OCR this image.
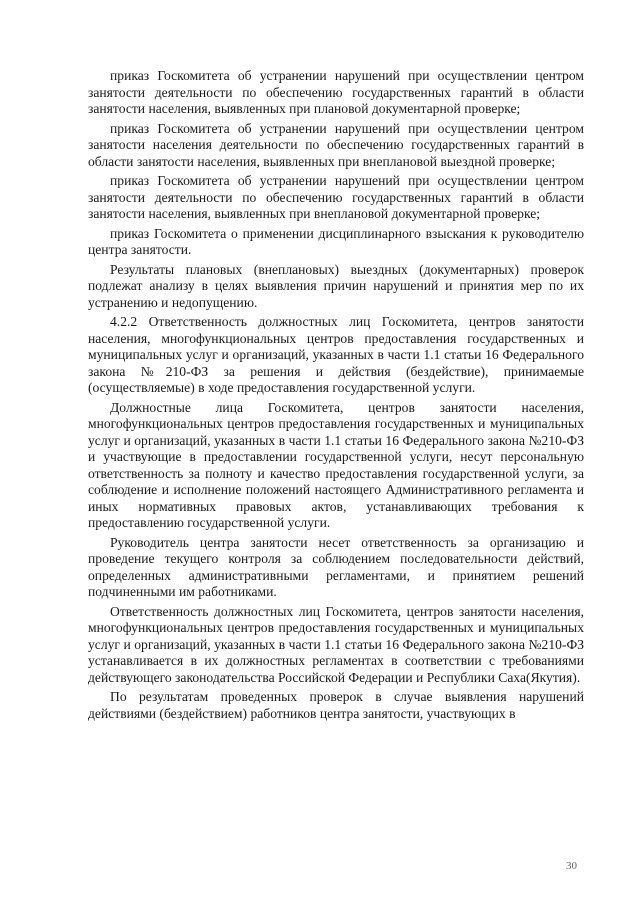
приказ Госкомитета об устранении нарушений при осуществлении центром занятости деятельности по обеспечению государственных гарантий в области занятости населения, выявленных при плановой документарной проверке;

приказ Госкомитета об устранении нарушений при осуществлении центром занятости населения деятельности по обеспечению государственных гарантий в области занятости населения, выявленных при внеплановой выездной проверке;

приказ Госкомитета об устранении нарушений при осуществлении центром занятости деятельности по обеспечению государственных гарантий в области занятости населения, выявленных при внеплановой документарной проверке;

приказ Госкомитета о применении дисциплинарного взыскания к руководителю центра занятости.

Результаты плановых (внеплановых) выездных (документарных) проверок подлежат анализу в целях выявления причин нарушений и принятия мер по их устранению и недопущению.

4.2.2 Ответственность должностных лиц Госкомитета, центров занятости населения, многофункциональных центров предоставления государственных и муниципальных услуг и организаций, указанных в части 1.1 статьи 16 Федерального закона №210-ФЗ за решения и действия (бездействие), принимаемые (осуществляемые) в ходе предоставления государственной услуги.

Должностные лица Госкомитета, центров занятости населения, многофункциональных центров предоставления государственных и муниципальных услуг и организаций, указанных в части 1.1 статьи 16 Федерального закона №210-ФЗ и участвующие в предоставлении государственной услуги, несут персональную ответственность за полноту и качество предоставления государственной услуги, за соблюдение и исполнение положений настоящего Административного регламента и иных нормативных правовых актов, устанавливающих требования к предоставлению государственной услуги.

Руководитель центра занятости несет ответственность за организацию и проведение текущего контроля за соблюдением последовательности действий, определенных административными регламентами, и принятием решений подчиненными им работниками.

Ответственность должностных лиц Госкомитета, центров занятости населения, многофункциональных центров предоставления государственных и муниципальных услуг и организаций, указанных в части 1.1 статьи 16 Федерального закона №210-ФЗ устанавливается в их должностных регламентах в соответствии с требованиями действующего законодательства Российской Федерации и Республики Саха(Якутия).

По результатам проведенных проверок в случае выявления нарушений действиями (бездействием) работников центра занятости, участвующих в

30
